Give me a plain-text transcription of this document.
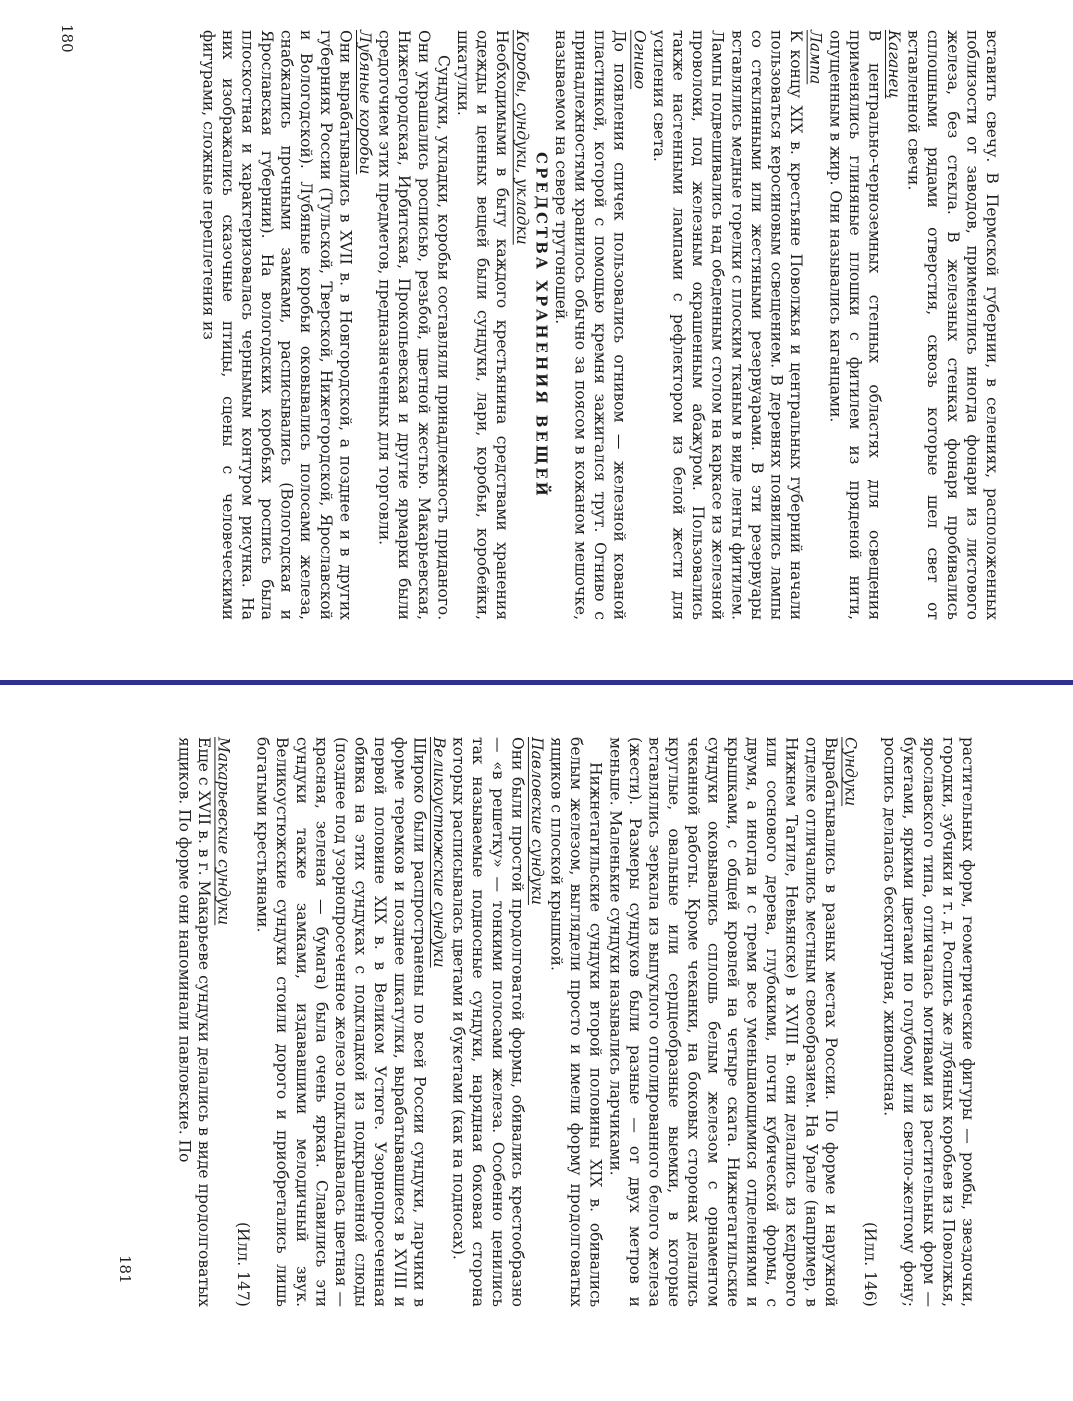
вставить свечу. В Пермской губернии, в селениях, расположенных поблизости от заводов, применялись иногда фонари из листового железа, без стекла. В железных стенках фонаря пробивались сплошными рядами отверстия, сквозь которые шел свет от вставленной свечи.

Каганец

В центрально-черноземных степных областях для освещения применялись глиняные плошки с фитилем из пряденой нити, опущенным в жир. Они назывались каганцами.

Лампа

К концу XIX в. крестьяне Поволжья и центральных губерний начали пользоваться керосиновым освещением. В деревнях появились лампы со стеклянными или жестяными резервуарами. В эти резервуары вставлялись медные горелки с плоским тканым в виде ленты фитилем. Лампы подвешивались над обеденным столом на каркасе из железной проволоки, под железным окрашенным абажуром. Пользовались также настенными лампами с рефлектором из белой жести для усиления света.

Огниво

До появления спичек пользовались огнивом — железной кованой пластинкой, которой с помощью кремня зажигался трут. Огниво с принадлежностями хранилось обычно за поясом в кожаном мешочке, называемом на севере трутоношей.

СРЕДСТВА ХРАНЕНИЯ ВЕЩЕЙ
Коробы, сундуки, укладки

Необходимыми в быту каждого крестьянина средствами хранения одежды и ценных вещей были сундуки, лари, коробьи, коробейки, шкатулки.

Сундуки, укладки, коробьи составляли принадлежность приданого. Они украшались росписью, резьбой, цветной жестью. Макарьевская, Нижегородская, Ирбитская, Прокопьевская и другие ярмарки были средоточием этих предметов, предназначенных для торговли.

Лубяные коробьи

Они вырабатывались в XVII в. в Новгородской, а позднее и в других губерниях России (Тульской, Тверской, Нижегородской, Ярославской и Вологодской). Лубяные коробьи оковывались полосами железа, снабжались прочными замками, расписывались (Вологодская и Ярославская губернии). На вологодских коробьях роспись была плоскостная и характеризовалась чернымым контуром рисунка. На них изображались сказочные птицы, сцены с человеческими фигурами, сложные переплетения из

180

растительных форм, геометрические фигуры — ромбы, звездочки, городки, зубчики и т. д. Роспись же лубяных коробьев из Поволжья, ярославского типа, отличалась мотивами из растительных форм — букетами, яркими цветами по голубому или светло-желтому фону; роспись делалась бесконтурная, живописная.

(Илл. 146)

Сундуки

Вырабатывались в разных местах России. По форме и наружной отделке отличались местным своеобразием. На Урале (например, в Нижнем Тагиле, Невьянске) в XVIII в. они делались из кедрового или соснового дерева, глубокими, почти кубической формы, с двумя, а иногда и с тремя все уменьшающимися отделениями и крышками, с общей кровлей на четыре ската. Нижнетагильские сундуки оковывались сплошь белым железом с орнаментом чеканной работы. Кроме чеканки, на боковых сторонах делались круглые, овальные или сердцеобразные выемки, в которые вставлялись зеркала из выпуклого отполированного белого железа (жести). Размеры сундуков были разные — от двух метров и меньше. Маленькие сундуки назывались ларчиками.

Нижнетагильские сундуки второй половины XIX в. обивались белым железом, выглядели просто и имели форму продолговатых ящиков с плоской крышкой.

Павловские сундуки

Они были простой продолговатой формы, обивались крестообразно — «в решетку» — тонкими полосами железа. Особенно ценились так называемые подносные сундуки, нарядная боковая сторона которых расписывалась цветами и букетами (как на подносах).

Великоустюжские сундуки

Широко были распространены по всей России сундуки, ларчики в форме теремков и позднее шкатулки, вырабатывавшиеся в XVIII и первой половине XIX в. в Великом Устюге. Узорнопросеченная обивка на этих сундуках с подкладкой из подкрашенной слюды (позднее под узорнопросеченное железо подкладывалась цветная — красная, зеленая — бумага) была очень яркая. Славились эти сундуки также замками, издававшими мелодичный звук. Великоустюжские сундуки стоили дорого и приобретались лишь богатыми крестьянами.

(Илл. 147)

Макарьевские сундуки

Еще с XVII в. в г. Макарьеве сундуки делались в виде продолговатых ящиков. По форме они напоминали павловские. По

181
